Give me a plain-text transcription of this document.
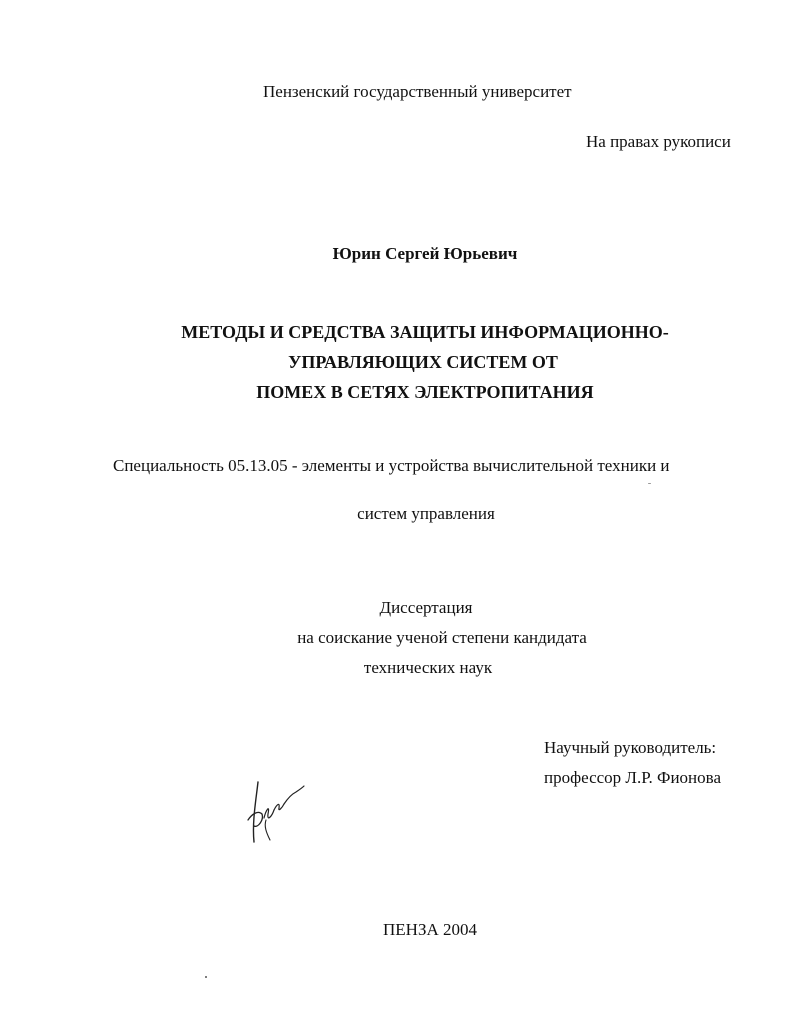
Пензенский государственный университет
На правах рукописи
Юрин Сергей Юрьевич
МЕТОДЫ И СРЕДСТВА ЗАЩИТЫ ИНФОРМАЦИОННО-
УПРАВЛЯЮЩИХ СИСТЕМ ОТ
ПОМЕХ В СЕТЯХ ЭЛЕКТРОПИТАНИЯ
Специальность 05.13.05 - элементы и устройства вычислительной техники и
систем управления
Диссертация
на соискание ученой степени кандидата
технических наук
Научный руководитель:
профессор Л.Р. Фионова
ПЕНЗА 2004
